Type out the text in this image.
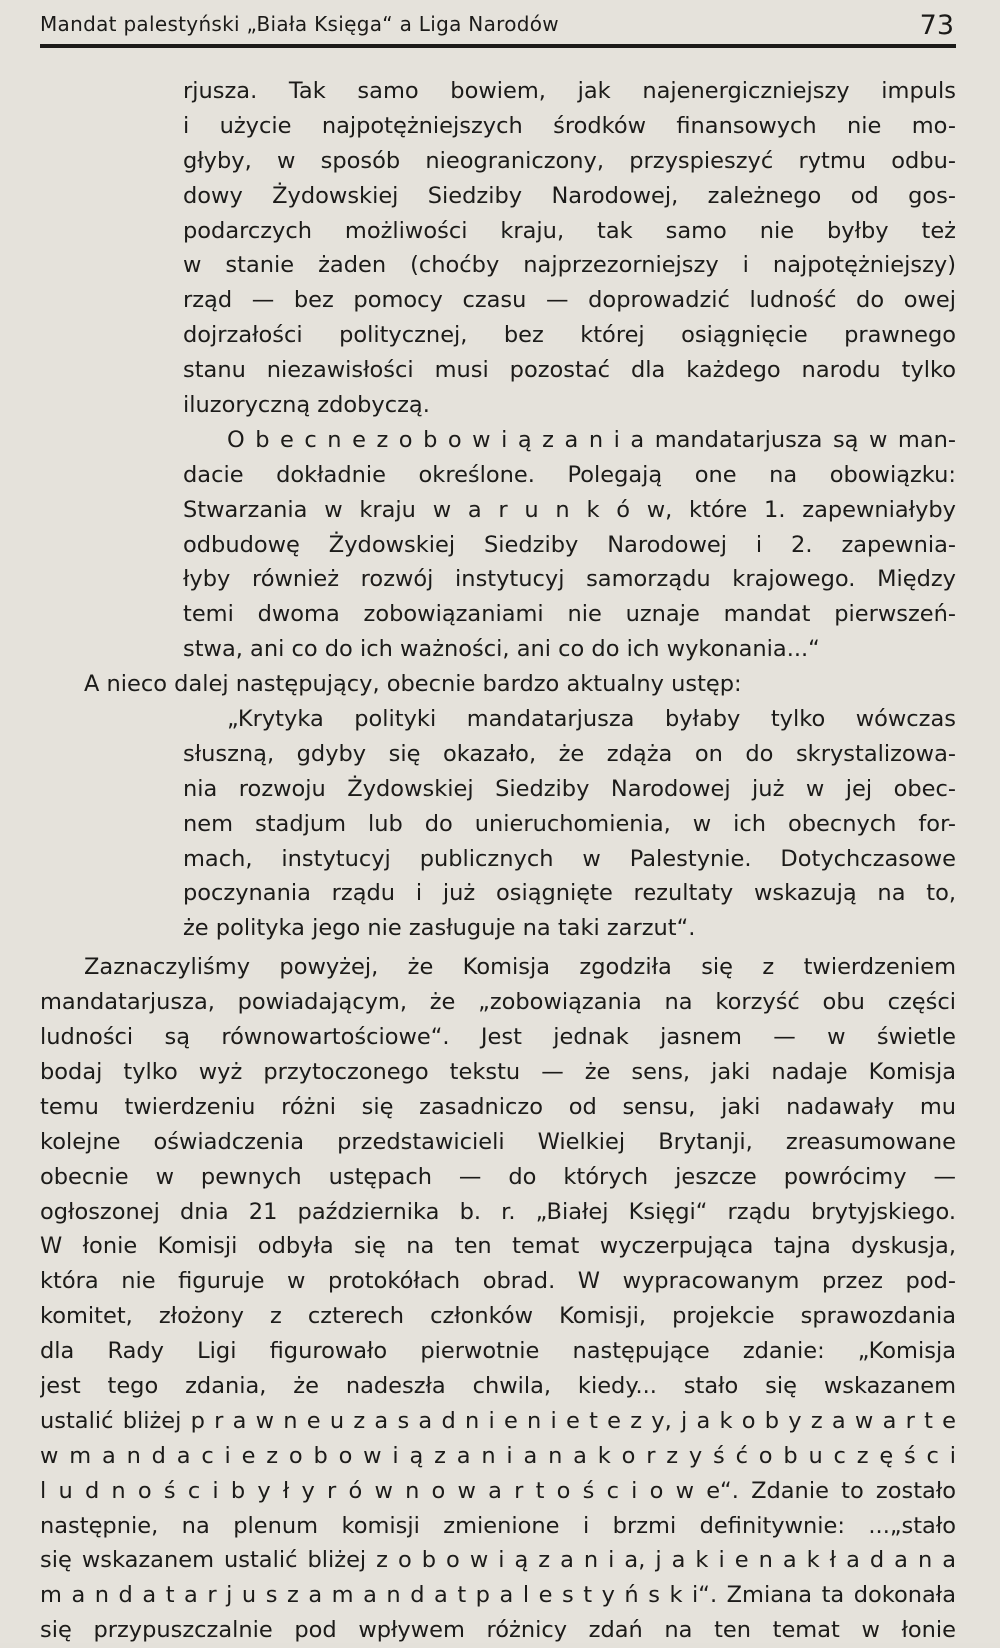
Mandat palestyński „Biała Księga“ a Liga Narodów	73
rjusza. Tak samo bowiem, jak najenergiczniejszy impuls
i użycie najpotężniejszych środków finansowych nie mo-
głyby, w sposób nieograniczony, przyspieszyć rytmu odbu-
dowy Żydowskiej Siedziby Narodowej, zależnego od gos-
podarczych możliwości kraju, tak samo nie byłby też
w stanie żaden (choćby najprzezorniejszy i najpotężniejszy)
rząd — bez pomocy czasu — doprowadzić ludność do owej
dojrzałości politycznej, bez której osiągnięcie prawnego
stanu niezawisłości musi pozostać dla każdego narodu tylko
iluzoryczną zdobyczą.
O b e c n e z o b o w i ą z a n i a mandatarjusza są w man-
dacie dokładnie określone. Polegają one na obowiązku:
Stwarzania w kraju w a r u n k ó w, które 1. zapewniałyby
odbudowę Żydowskiej Siedziby Narodowej i 2. zapewnia-
łyby również rozwój instytucyj samorządu krajowego. Między
temi dwoma zobowiązaniami nie uznaje mandat pierwszeń-
stwa, ani co do ich ważności, ani co do ich wykonania...“
A nieco dalej następujący, obecnie bardzo aktualny ustęp:
„Krytyka polityki mandatarjusza byłaby tylko wówczas
słuszną, gdyby się okazało, że zdąża on do skrystalizowa-
nia rozwoju Żydowskiej Siedziby Narodowej już w jej obec-
nem stadjum lub do unieruchomienia, w ich obecnych for-
mach, instytucyj publicznych w Palestynie. Dotychczasowe
poczynania rządu i już osiągnięte rezultaty wskazują na to,
że polityka jego nie zasługuje na taki zarzut“.
Zaznaczyliśmy powyżej, że Komisja zgodziła się z twierdzeniem
mandatarjusza, powiadającym, że „zobowiązania na korzyść obu części
ludności są równowartościowe“. Jest jednak jasnem — w świetle
bodaj tylko wyż przytoczonego tekstu — że sens, jaki nadaje Komisja
temu twierdzeniu różni się zasadniczo od sensu, jaki nadawały mu
kolejne oświadczenia przedstawicieli Wielkiej Brytanji, zreasumowane
obecnie w pewnych ustępach — do których jeszcze powrócimy —
ogłoszonej dnia 21 października b. r. „Białej Księgi“ rządu brytyjskiego.
W łonie Komisji odbyła się na ten temat wyczerpująca tajna dyskusja,
która nie figuruje w protokółach obrad. W wypracowanym przez pod-
komitet, złożony z czterech członków Komisji, projekcie sprawozdania
dla Rady Ligi figurowało pierwotnie następujące zdanie: „Komisja
jest tego zdania, że nadeszła chwila, kiedy... stało się wskazanem
ustalić bliżej p r a w n e u z a s a d n i e n i e t e z y, j a k o b y z a w a r t e
w m a n d a c i e z o b o w i ą z a n i a n a k o r z y ś ć o b u c z ę ś c i
l u d n o ś c i b y ł y r ó w n o w a r t o ś c i o w e“. Zdanie to zostało
następnie, na plenum komisji zmienione i brzmi definitywnie: ...„stało
się wskazanem ustalić bliżej z o b o w i ą z a n i a, j a k i e n a k ł a d a n a
m a n d a t a r j u s z a m a n d a t p a l e s t y ń s k i“. Zmiana ta dokonała
się przypuszczalnie pod wpływem różnicy zdań na ten temat w łonie
